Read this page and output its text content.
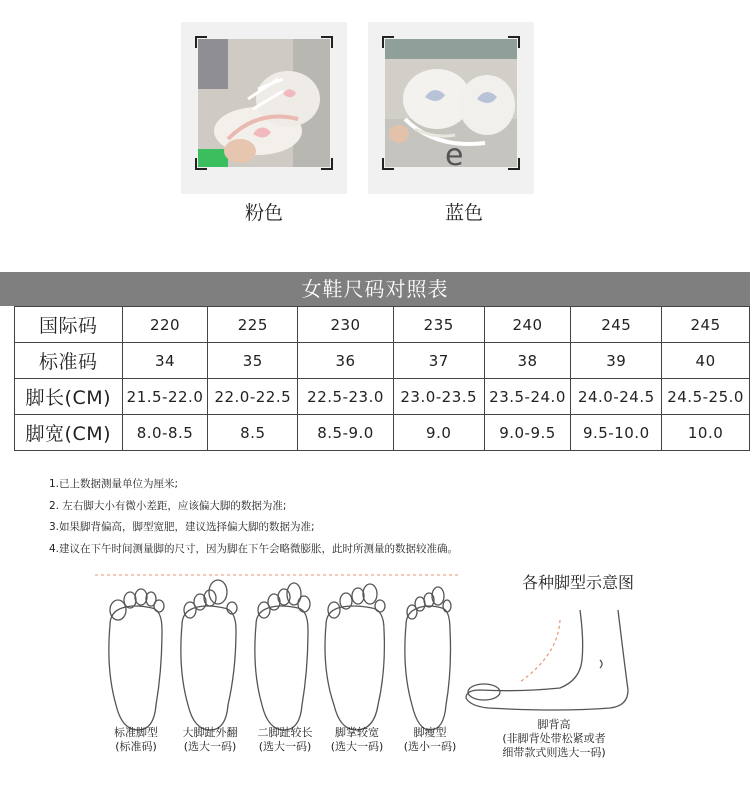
粉色
e
蓝色
女鞋尺码对照表
国际码	220	225	230	235	240	245	245
标准码	34	35	36	37	38	39	40
脚长(CM)	21.5-22.0	22.0-22.5	22.5-23.0	23.0-23.5	23.5-24.0	24.0-24.5	24.5-25.0
脚宽(CM)	8.0-8.5	8.5	8.5-9.0	9.0	9.0-9.5	9.5-10.0	10.0
1.已上数据测量单位为厘米;
2. 左右脚大小有微小差距，应该偏大脚的数据为准;
3.如果脚背偏高，脚型宽肥，建议选择偏大脚的数据为准;
4.建议在下午时间测量脚的尺寸，因为脚在下午会略微膨胀，此时所测量的数据较准确。
各种脚型示意图
标准脚型
(标准码)
大脚趾外翻
(选大一码)
二脚趾较长
(选大一码)
脚掌较宽
(选大一码)
脚瘦型
(选小一码)
脚背高
(非脚背处带松紧或者
细带款式则选大一码)
